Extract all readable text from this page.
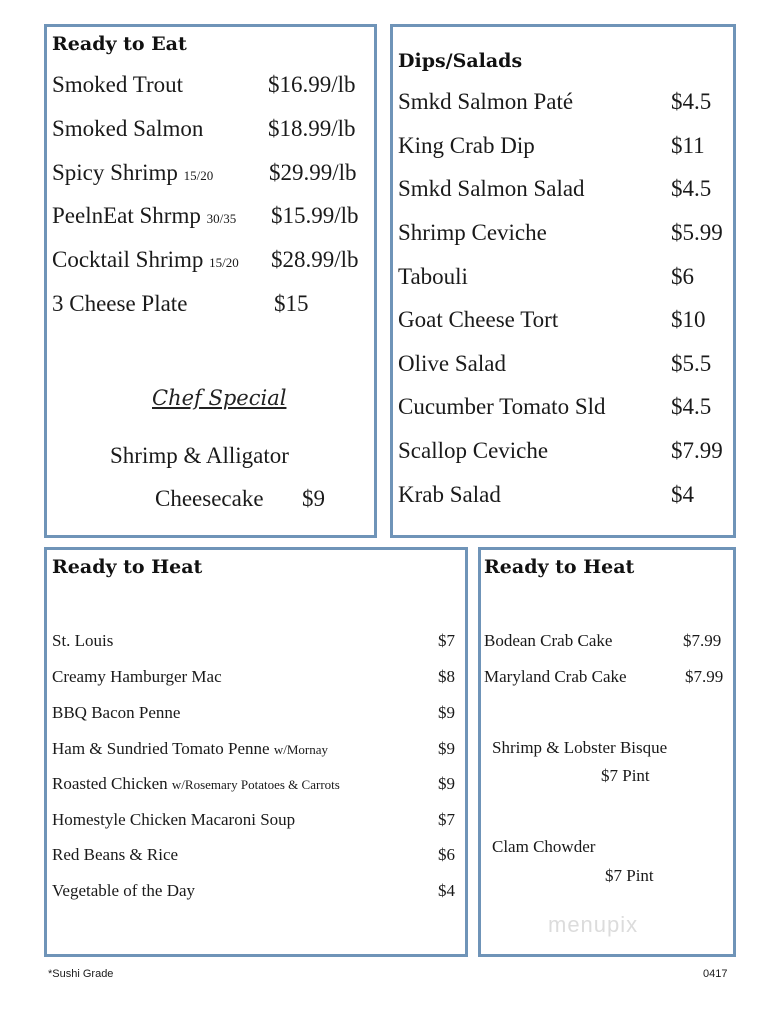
Ready to Eat
Smoked Trout	$16.99/lb
Smoked Salmon	$18.99/lb
Spicy Shrimp 15/20 $29.99/lb
PeelnEat Shrmp 30/35 $15.99/lb
Cocktail Shrimp 15/20 $28.99/lb
3 Cheese Plate	$15
Chef Special
Shrimp & Alligator
Cheesecake $9
Dips/Salads
Smkd Salmon Paté	$4.5
King Crab Dip	$11
Smkd Salmon Salad	$4.5
Shrimp Ceviche	$5.99
Tabouli	$6
Goat Cheese Tort	$10
Olive Salad	$5.5
Cucumber Tomato Sld	$4.5
Scallop Ceviche	$7.99
Krab Salad	$4
Ready to Heat
St. Louis	$7
Creamy Hamburger Mac	$8
BBQ Bacon Penne	$9
Ham & Sundried Tomato Penne w/Mornay	$9
Roasted Chicken w/Rosemary Potatoes & Carrots	$9
Homestyle Chicken Macaroni Soup	$7
Red Beans & Rice	$6
Vegetable of the Day	$4
Ready to Heat
Bodean Crab Cake	$7.99
Maryland Crab Cake	$7.99
Shrimp & Lobster Bisque
$7 Pint
Clam Chowder
$7 Pint
menupix
*Sushi Grade	0417
